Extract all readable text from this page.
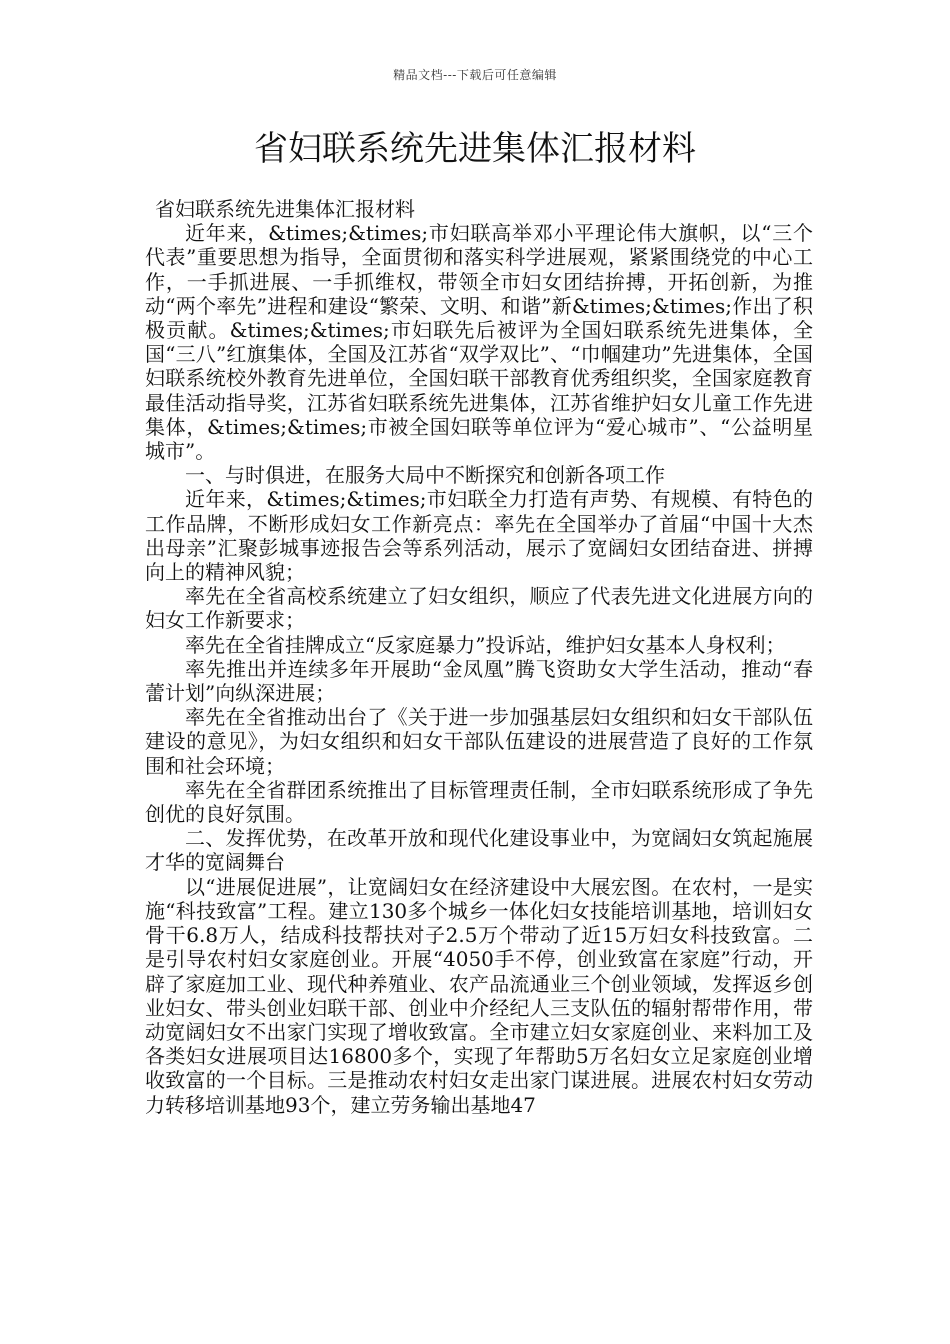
精品文档---下载后可任意编辑
省妇联系统先进集体汇报材料

省妇联系统先进集体汇报材料

近年来，&times;&times;市妇联高举邓小平理论伟大旗帜，以“三个代表”重要思想为指导，全面贯彻和落实科学进展观，紧紧围绕党的中心工作，一手抓进展、一手抓维权，带领全市妇女团结拚搏，开拓创新，为推动“两个率先”进程和建设“繁荣、文明、和谐”新&times;&times;作出了积极贡献。&times;&times;市妇联先后被评为全国妇联系统先进集体，全国“三八”红旗集体，全国及江苏省“双学双比”、“巾帼建功”先进集体，全国妇联系统校外教育先进单位，全国妇联干部教育优秀组织奖，全国家庭教育最佳活动指导奖，江苏省妇联系统先进集体，江苏省维护妇女儿童工作先进集体，&times;&times;市被全国妇联等单位评为“爱心城市”、“公益明星城市”。

一、与时俱进，在服务大局中不断探究和创新各项工作

近年来，&times;&times;市妇联全力打造有声势、有规模、有特色的工作品牌，不断形成妇女工作新亮点：率先在全国举办了首届“中国十大杰出母亲”汇聚彭城事迹报告会等系列活动，展示了宽阔妇女团结奋进、拼搏向上的精神风貌；

率先在全省高校系统建立了妇女组织，顺应了代表先进文化进展方向的妇女工作新要求；

率先在全省挂牌成立“反家庭暴力”投诉站，维护妇女基本人身权利；

率先推出并连续多年开展助“金凤凰”腾飞资助女大学生活动，推动“春蕾计划”向纵深进展；

率先在全省推动出台了《关于进一步加强基层妇女组织和妇女干部队伍建设的意见》，为妇女组织和妇女干部队伍建设的进展营造了良好的工作氛围和社会环境；

率先在全省群团系统推出了目标管理责任制，全市妇联系统形成了争先创优的良好氛围。

二、发挥优势，在改革开放和现代化建设事业中，为宽阔妇女筑起施展才华的宽阔舞台

以“进展促进展”，让宽阔妇女在经济建设中大展宏图。在农村，一是实施“科技致富”工程。建立130多个城乡一体化妇女技能培训基地，培训妇女骨干6.8万人，结成科技帮扶对子2.5万个带动了近15万妇女科技致富。二是引导农村妇女家庭创业。开展“4050手不停，创业致富在家庭”行动，开辟了家庭加工业、现代种养殖业、农产品流通业三个创业领域，发挥返乡创业妇女、带头创业妇联干部、创业中介经纪人三支队伍的辐射帮带作用，带动宽阔妇女不出家门实现了增收致富。全市建立妇女家庭创业、来料加工及各类妇女进展项目达16800多个，实现了年帮助5万名妇女立足家庭创业增收致富的一个目标。三是推动农村妇女走出家门谋进展。进展农村妇女劳动力转移培训基地93个，建立劳务输出基地47
